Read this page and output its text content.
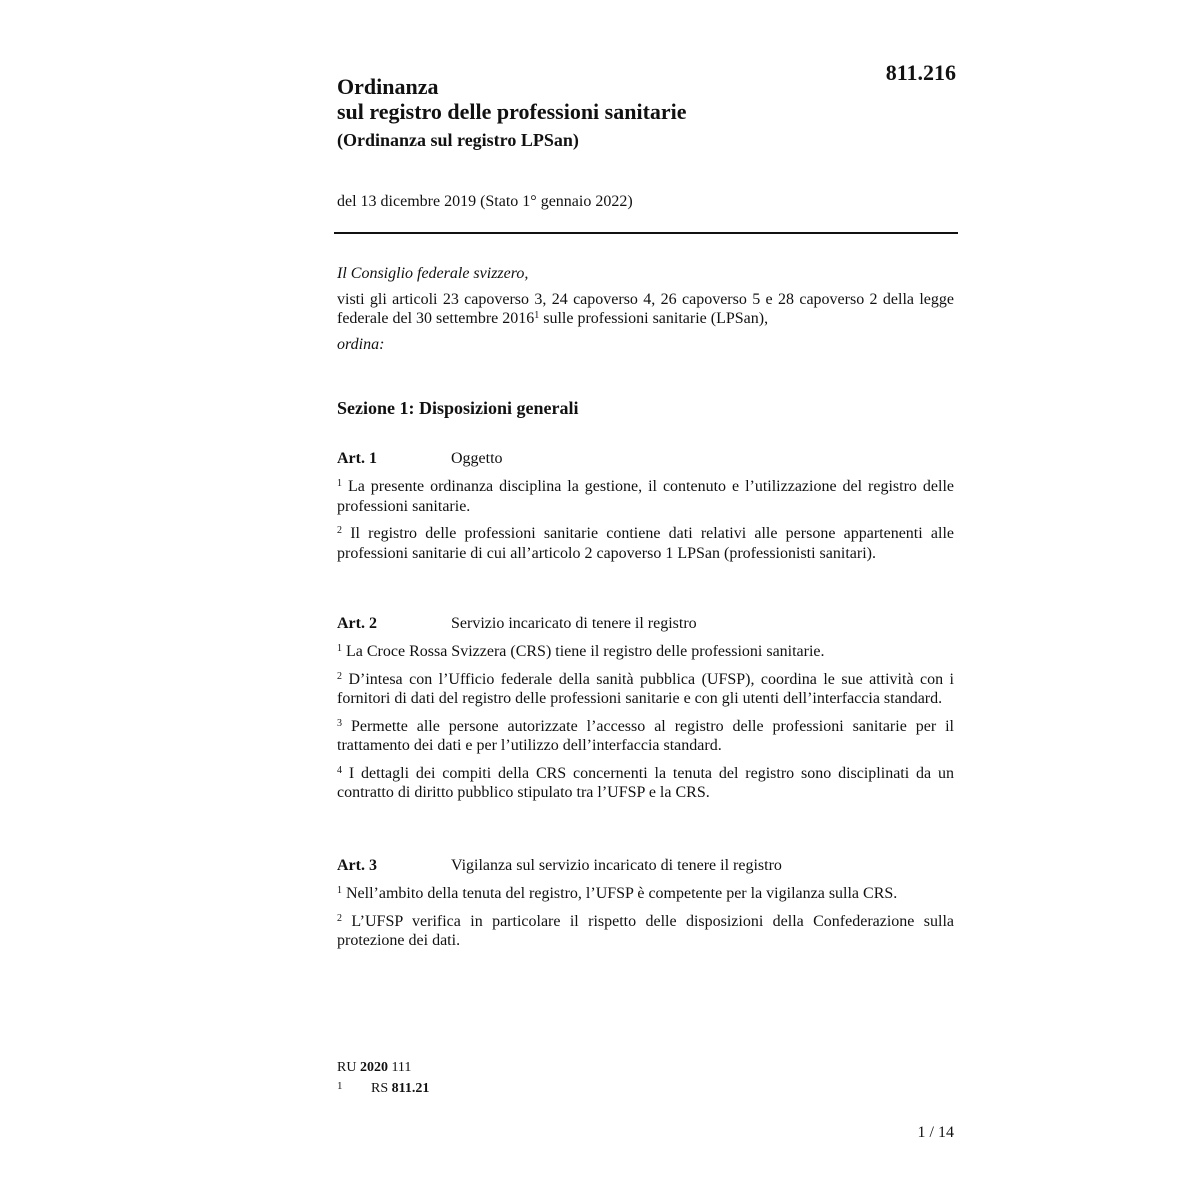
811.216
Ordinanza
sul registro delle professioni sanitarie
(Ordinanza sul registro LPSan)
del 13 dicembre 2019 (Stato 1° gennaio 2022)

Il Consiglio federale svizzero,

visti gli articoli 23 capoverso 3, 24 capoverso 4, 26 capoverso 5 e 28 capoverso 2 della legge federale del 30 settembre 2016$^1$ sulle professioni sanitarie (LPSan),

ordina:

Sezione 1: Disposizioni generali
Art. 1	Oggetto

$^1$ La presente ordinanza disciplina la gestione, il contenuto e l’utilizzazione del registro delle professioni sanitarie.

$^2$ Il registro delle professioni sanitarie contiene dati relativi alle persone appartenenti alle professioni sanitarie di cui all’articolo 2 capoverso 1 LPSan (professionisti sanitari).

Art. 2	Servizio incaricato di tenere il registro

$^1$ La Croce Rossa Svizzera (CRS) tiene il registro delle professioni sanitarie.

$^2$ D’intesa con l’Ufficio federale della sanità pubblica (UFSP), coordina le sue attività con i fornitori di dati del registro delle professioni sanitarie e con gli utenti dell’interfaccia standard.

$^3$ Permette alle persone autorizzate l’accesso al registro delle professioni sanitarie per il trattamento dei dati e per l’utilizzo dell’interfaccia standard.

$^4$ I dettagli dei compiti della CRS concernenti la tenuta del registro sono disciplinati da un contratto di diritto pubblico stipulato tra l’UFSP e la CRS.

Art. 3	Vigilanza sul servizio incaricato di tenere il registro

$^1$ Nell’ambito della tenuta del registro, l’UFSP è competente per la vigilanza sulla CRS.

$^2$ L’UFSP verifica in particolare il rispetto delle disposizioni della Confederazione sulla protezione dei dati.

RU 2020 111
1 RS 811.21
1 / 14
